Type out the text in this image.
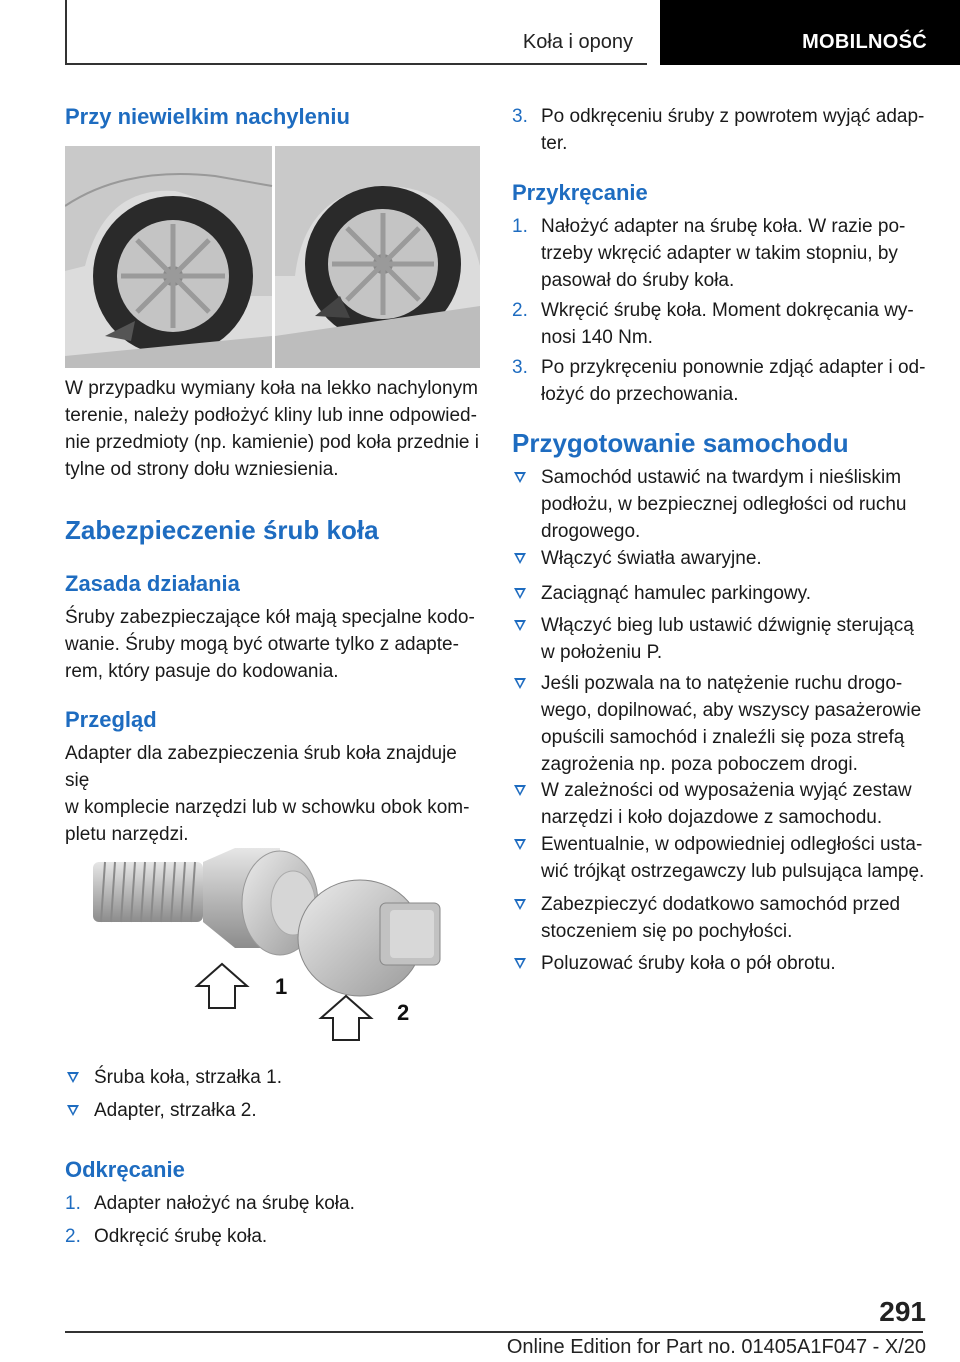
Koła i opony	MOBILNOŚĆ
Przy niewielkim nachyleniu

W przypadku wymiany koła na lekko nachylonym
terenie, należy podłożyć kliny lub inne odpowied-
nie przedmioty (np. kamienie) pod koła przednie i
tylne od strony dołu wzniesienia.

Zabezpieczenie śrub koła
Zasada działania

Śruby zabezpieczające kół mają specjalne kodo-
wanie. Śruby mogą być otwarte tylko z adapte-
rem, który pasuje do kodowania.

Przegląd

Adapter dla zabezpieczenia śrub koła znajduje się
w komplecie narzędzi lub w schowku obok kom-
pletu narzędzi.

1
2
Śruba koła, strzałka 1.
Adapter, strzałka 2.
Odkręcanie
1. Adapter nałożyć na śrubę koła.
2. Odkręcić śrubę koła.
3. Po odkręceniu śruby z powrotem wyjąć adap-
ter.
Przykręcanie
1. Nałożyć adapter na śrubę koła. W razie po-
trzeby wkręcić adapter w takim stopniu, by
pasował do śruby koła.
2. Wkręcić śrubę koła. Moment dokręcania wy-
nosi 140 Nm.
3. Po przykręceniu ponownie zdjąć adapter i od-
łożyć do przechowania.
Przygotowanie samochodu
Samochód ustawić na twardym i nieśliskim
podłożu, w bezpiecznej odległości od ruchu
drogowego.
Włączyć światła awaryjne.
Zaciągnąć hamulec parkingowy.
Włączyć bieg lub ustawić dźwignię sterującą
w położeniu P.
Jeśli pozwala na to natężenie ruchu drogo-
wego, dopilnować, aby wszyscy pasażerowie
opuścili samochód i znaleźli się poza strefą
zagrożenia np. poza poboczem drogi.
W zależności od wyposażenia wyjąć zestaw
narzędzi i koło dojazdowe z samochodu.
Ewentualnie, w odpowiedniej odległości usta-
wić trójkąt ostrzegawczy lub pulsująca lampę.
Zabezpieczyć dodatkowo samochód przed
stoczeniem się po pochyłości.
Poluzować śruby koła o pół obrotu.
291
Online Edition for Part no. 01405A1F047 - X/20
